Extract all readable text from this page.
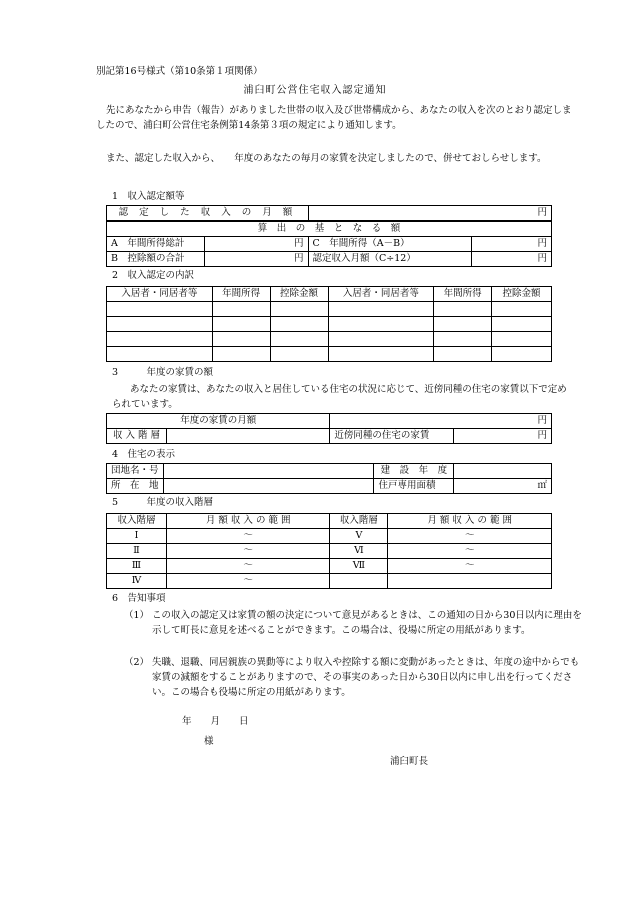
別記第16号様式（第10条第１項関係）
浦臼町公営住宅収入認定通知
先にあなたから申告（報告）がありました世帯の収入及び世帯構成から、あなたの収入を次のとおり認定しましたので、浦臼町公営住宅条例第14条第３項の規定により通知します。
また、認定した収入から、　　年度のあなたの毎月の家賃を決定しましたので、併せておしらせします。
1　収入認定額等
認 定 し た 収 入 の 月 額	円
算　出　の　基　と　な　る　額			
A　年間所得総計	円	C　年間所得（A－B）	円
B　控除額の合計	円	認定収入月額（C÷12）	円
2　収入認定の内訳
入居者・同居者等	年間所得	控除金額	入居者・同居者等	年間所得	控除金額

3　　　年度の家賃の額
あなたの家賃は、あなたの収入と居住している住宅の状況に応じて、近傍同種の住宅の家賃以下で定められています。
年度の家賃の月額		円	
収 入 階 層		近傍同種の住宅の家賃	円
4　住宅の表示
団地名・号		建　設　年　度	
所　在　地		住戸専用面積	㎡
5　　　年度の収入階層
収入階層	月 額 収 入 の 範 囲	収入階層	月 額 収 入 の 範 囲
Ⅰ	～	Ⅴ	～
Ⅱ	～	Ⅵ	～
Ⅲ	～	Ⅶ	～
Ⅳ	～		
6　告知事項
（1） この収入の認定又は家賃の額の決定について意見があるときは、この通知の日から30日以内に理由を示して町長に意見を述べることができます。この場合は、役場に所定の用紙があります。
（2） 失職、退職、同居親族の異動等により収入や控除する額に変動があったときは、年度の途中からでも家賃の減額をすることがありますので、その事実のあった日から30日以内に申し出を行ってください。この場合も役場に所定の用紙があります。
年　　月　　日
様
浦臼町長
